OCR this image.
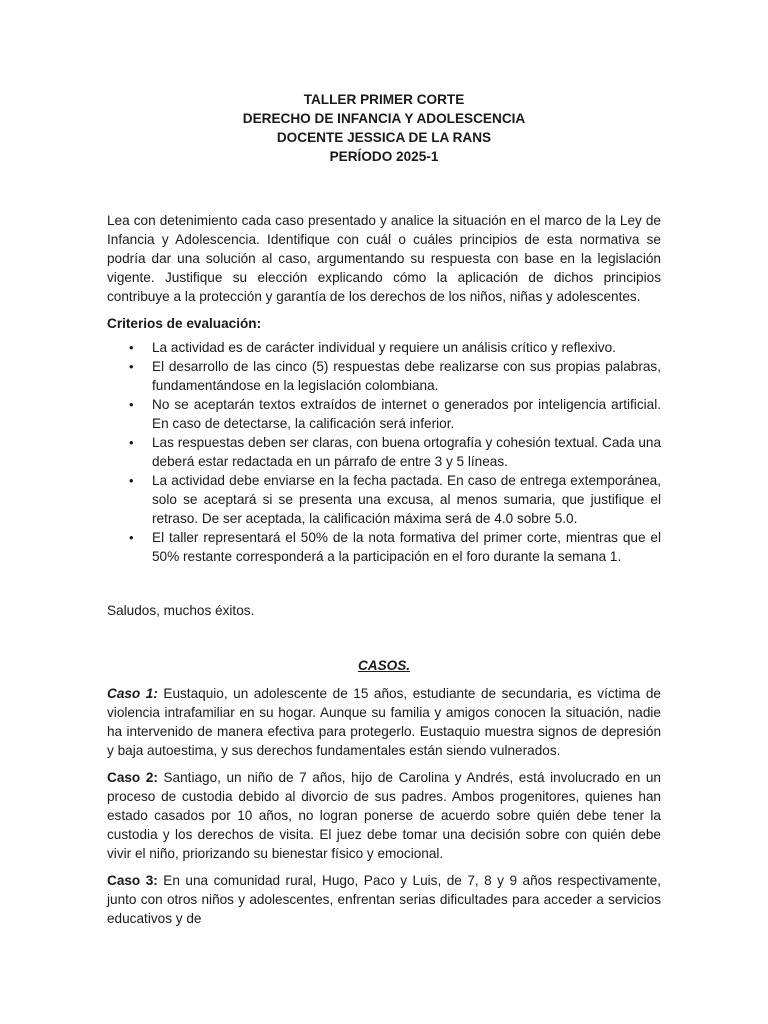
TALLER PRIMER CORTE
DERECHO DE INFANCIA Y ADOLESCENCIA
DOCENTE JESSICA DE LA RANS
PERÍODO 2025-1

Lea con detenimiento cada caso presentado y analice la situación en el marco de la Ley de Infancia y Adolescencia. Identifique con cuál o cuáles principios de esta normativa se podría dar una solución al caso, argumentando su respuesta con base en la legislación vigente. Justifique su elección explicando cómo la aplicación de dichos principios contribuye a la protección y garantía de los derechos de los niños, niñas y adolescentes.

Criterios de evaluación:

• La actividad es de carácter individual y requiere un análisis crítico y reflexivo.
• El desarrollo de las cinco (5) respuestas debe realizarse con sus propias palabras, fundamentándose en la legislación colombiana.
• No se aceptarán textos extraídos de internet o generados por inteligencia artificial. En caso de detectarse, la calificación será inferior.
• Las respuestas deben ser claras, con buena ortografía y cohesión textual. Cada una deberá estar redactada en un párrafo de entre 3 y 5 líneas.
• La actividad debe enviarse en la fecha pactada. En caso de entrega extemporánea, solo se aceptará si se presenta una excusa, al menos sumaria, que justifique el retraso. De ser aceptada, la calificación máxima será de 4.0 sobre 5.0.
• El taller representará el 50% de la nota formativa del primer corte, mientras que el 50% restante corresponderá a la participación en el foro durante la semana 1.

Saludos, muchos éxitos.

CASOS.

Caso 1: Eustaquio, un adolescente de 15 años, estudiante de secundaria, es víctima de violencia intrafamiliar en su hogar. Aunque su familia y amigos conocen la situación, nadie ha intervenido de manera efectiva para protegerlo. Eustaquio muestra signos de depresión y baja autoestima, y sus derechos fundamentales están siendo vulnerados.

Caso 2: Santiago, un niño de 7 años, hijo de Carolina y Andrés, está involucrado en un proceso de custodia debido al divorcio de sus padres. Ambos progenitores, quienes han estado casados por 10 años, no logran ponerse de acuerdo sobre quién debe tener la custodia y los derechos de visita. El juez debe tomar una decisión sobre con quién debe vivir el niño, priorizando su bienestar físico y emocional.

Caso 3: En una comunidad rural, Hugo, Paco y Luis, de 7, 8 y 9 años respectivamente, junto con otros niños y adolescentes, enfrentan serias dificultades para acceder a servicios educativos y de
